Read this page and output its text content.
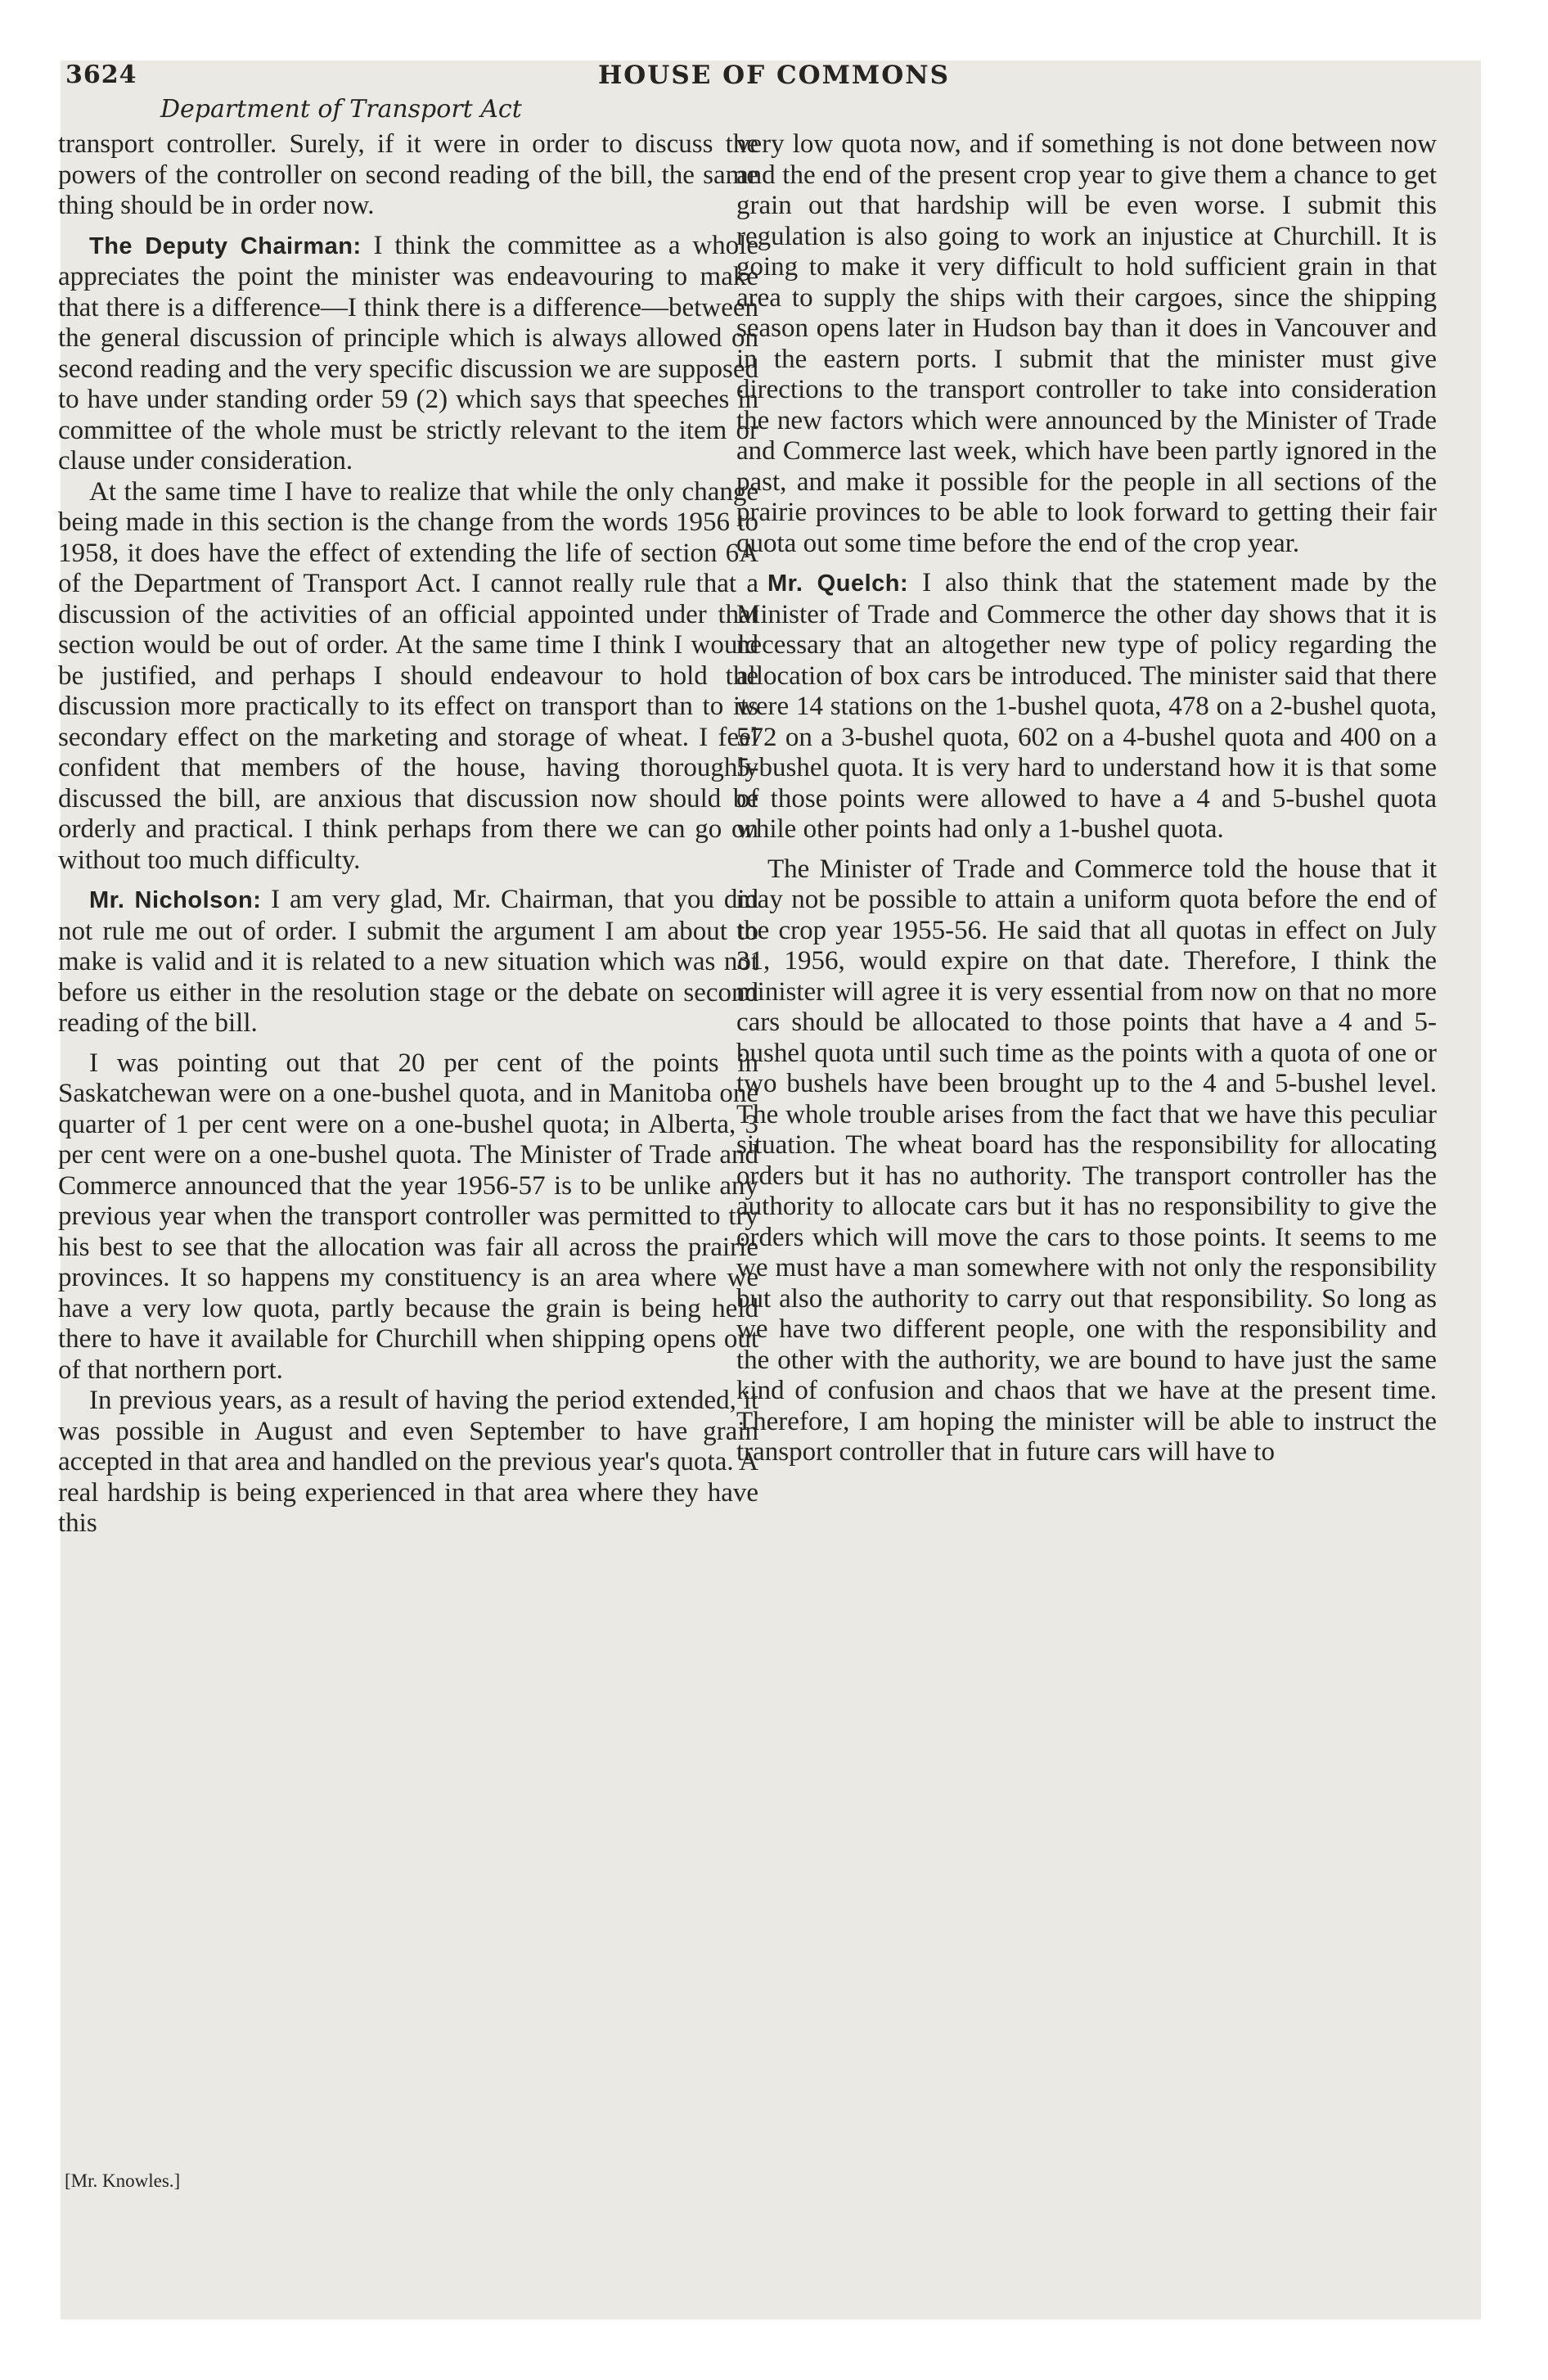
3624	HOUSE OF COMMONS
Department of Transport Act

transport controller. Surely, if it were in order to discuss the powers of the controller on second reading of the bill, the same thing should be in order now.

The Deputy Chairman: I think the committee as a whole appreciates the point the minister was endeavouring to make that there is a difference—I think there is a difference—between the general discussion of principle which is always allowed on second reading and the very specific discussion we are supposed to have under standing order 59 (2) which says that speeches in committee of the whole must be strictly relevant to the item or clause under consideration.

At the same time I have to realize that while the only change being made in this section is the change from the words 1956 to 1958, it does have the effect of extending the life of section 6A of the Department of Transport Act. I cannot really rule that a discussion of the activities of an official appointed under that section would be out of order. At the same time I think I would be justified, and perhaps I should endeavour to hold the discussion more practically to its effect on transport than to its secondary effect on the marketing and storage of wheat. I feel confident that members of the house, having thoroughly discussed the bill, are anxious that discussion now should be orderly and practical. I think perhaps from there we can go on without too much difficulty.

Mr. Nicholson: I am very glad, Mr. Chairman, that you did not rule me out of order. I submit the argument I am about to make is valid and it is related to a new situation which was not before us either in the resolution stage or the debate on second reading of the bill.

I was pointing out that 20 per cent of the points in Saskatchewan were on a one-bushel quota, and in Manitoba one quarter of 1 per cent were on a one-bushel quota; in Alberta, 3 per cent were on a one-bushel quota. The Minister of Trade and Commerce announced that the year 1956-57 is to be unlike any previous year when the transport controller was permitted to try his best to see that the allocation was fair all across the prairie provinces. It so happens my constituency is an area where we have a very low quota, partly because the grain is being held there to have it available for Churchill when shipping opens out of that northern port.

In previous years, as a result of having the period extended, it was possible in August and even September to have grain accepted in that area and handled on the previous year's quota. A real hardship is being experienced in that area where they have this

very low quota now, and if something is not done between now and the end of the present crop year to give them a chance to get grain out that hardship will be even worse. I submit this regulation is also going to work an injustice at Churchill. It is going to make it very difficult to hold sufficient grain in that area to supply the ships with their cargoes, since the shipping season opens later in Hudson bay than it does in Vancouver and in the eastern ports. I submit that the minister must give directions to the transport controller to take into consideration the new factors which were announced by the Minister of Trade and Commerce last week, which have been partly ignored in the past, and make it possible for the people in all sections of the prairie provinces to be able to look forward to getting their fair quota out some time before the end of the crop year.

Mr. Quelch: I also think that the statement made by the Minister of Trade and Commerce the other day shows that it is necessary that an altogether new type of policy regarding the allocation of box cars be introduced. The minister said that there were 14 stations on the 1-bushel quota, 478 on a 2-bushel quota, 572 on a 3-bushel quota, 602 on a 4-bushel quota and 400 on a 5-bushel quota. It is very hard to understand how it is that some of those points were allowed to have a 4 and 5-bushel quota while other points had only a 1-bushel quota.

The Minister of Trade and Commerce told the house that it may not be possible to attain a uniform quota before the end of the crop year 1955-56. He said that all quotas in effect on July 31, 1956, would expire on that date. Therefore, I think the minister will agree it is very essential from now on that no more cars should be allocated to those points that have a 4 and 5-bushel quota until such time as the points with a quota of one or two bushels have been brought up to the 4 and 5-bushel level. The whole trouble arises from the fact that we have this peculiar situation. The wheat board has the responsibility for allocating orders but it has no authority. The transport controller has the authority to allocate cars but it has no responsibility to give the orders which will move the cars to those points. It seems to me we must have a man somewhere with not only the responsibility but also the authority to carry out that responsibility. So long as we have two different people, one with the responsibility and the other with the authority, we are bound to have just the same kind of confusion and chaos that we have at the present time. Therefore, I am hoping the minister will be able to instruct the transport controller that in future cars will have to

[Mr. Knowles.]
